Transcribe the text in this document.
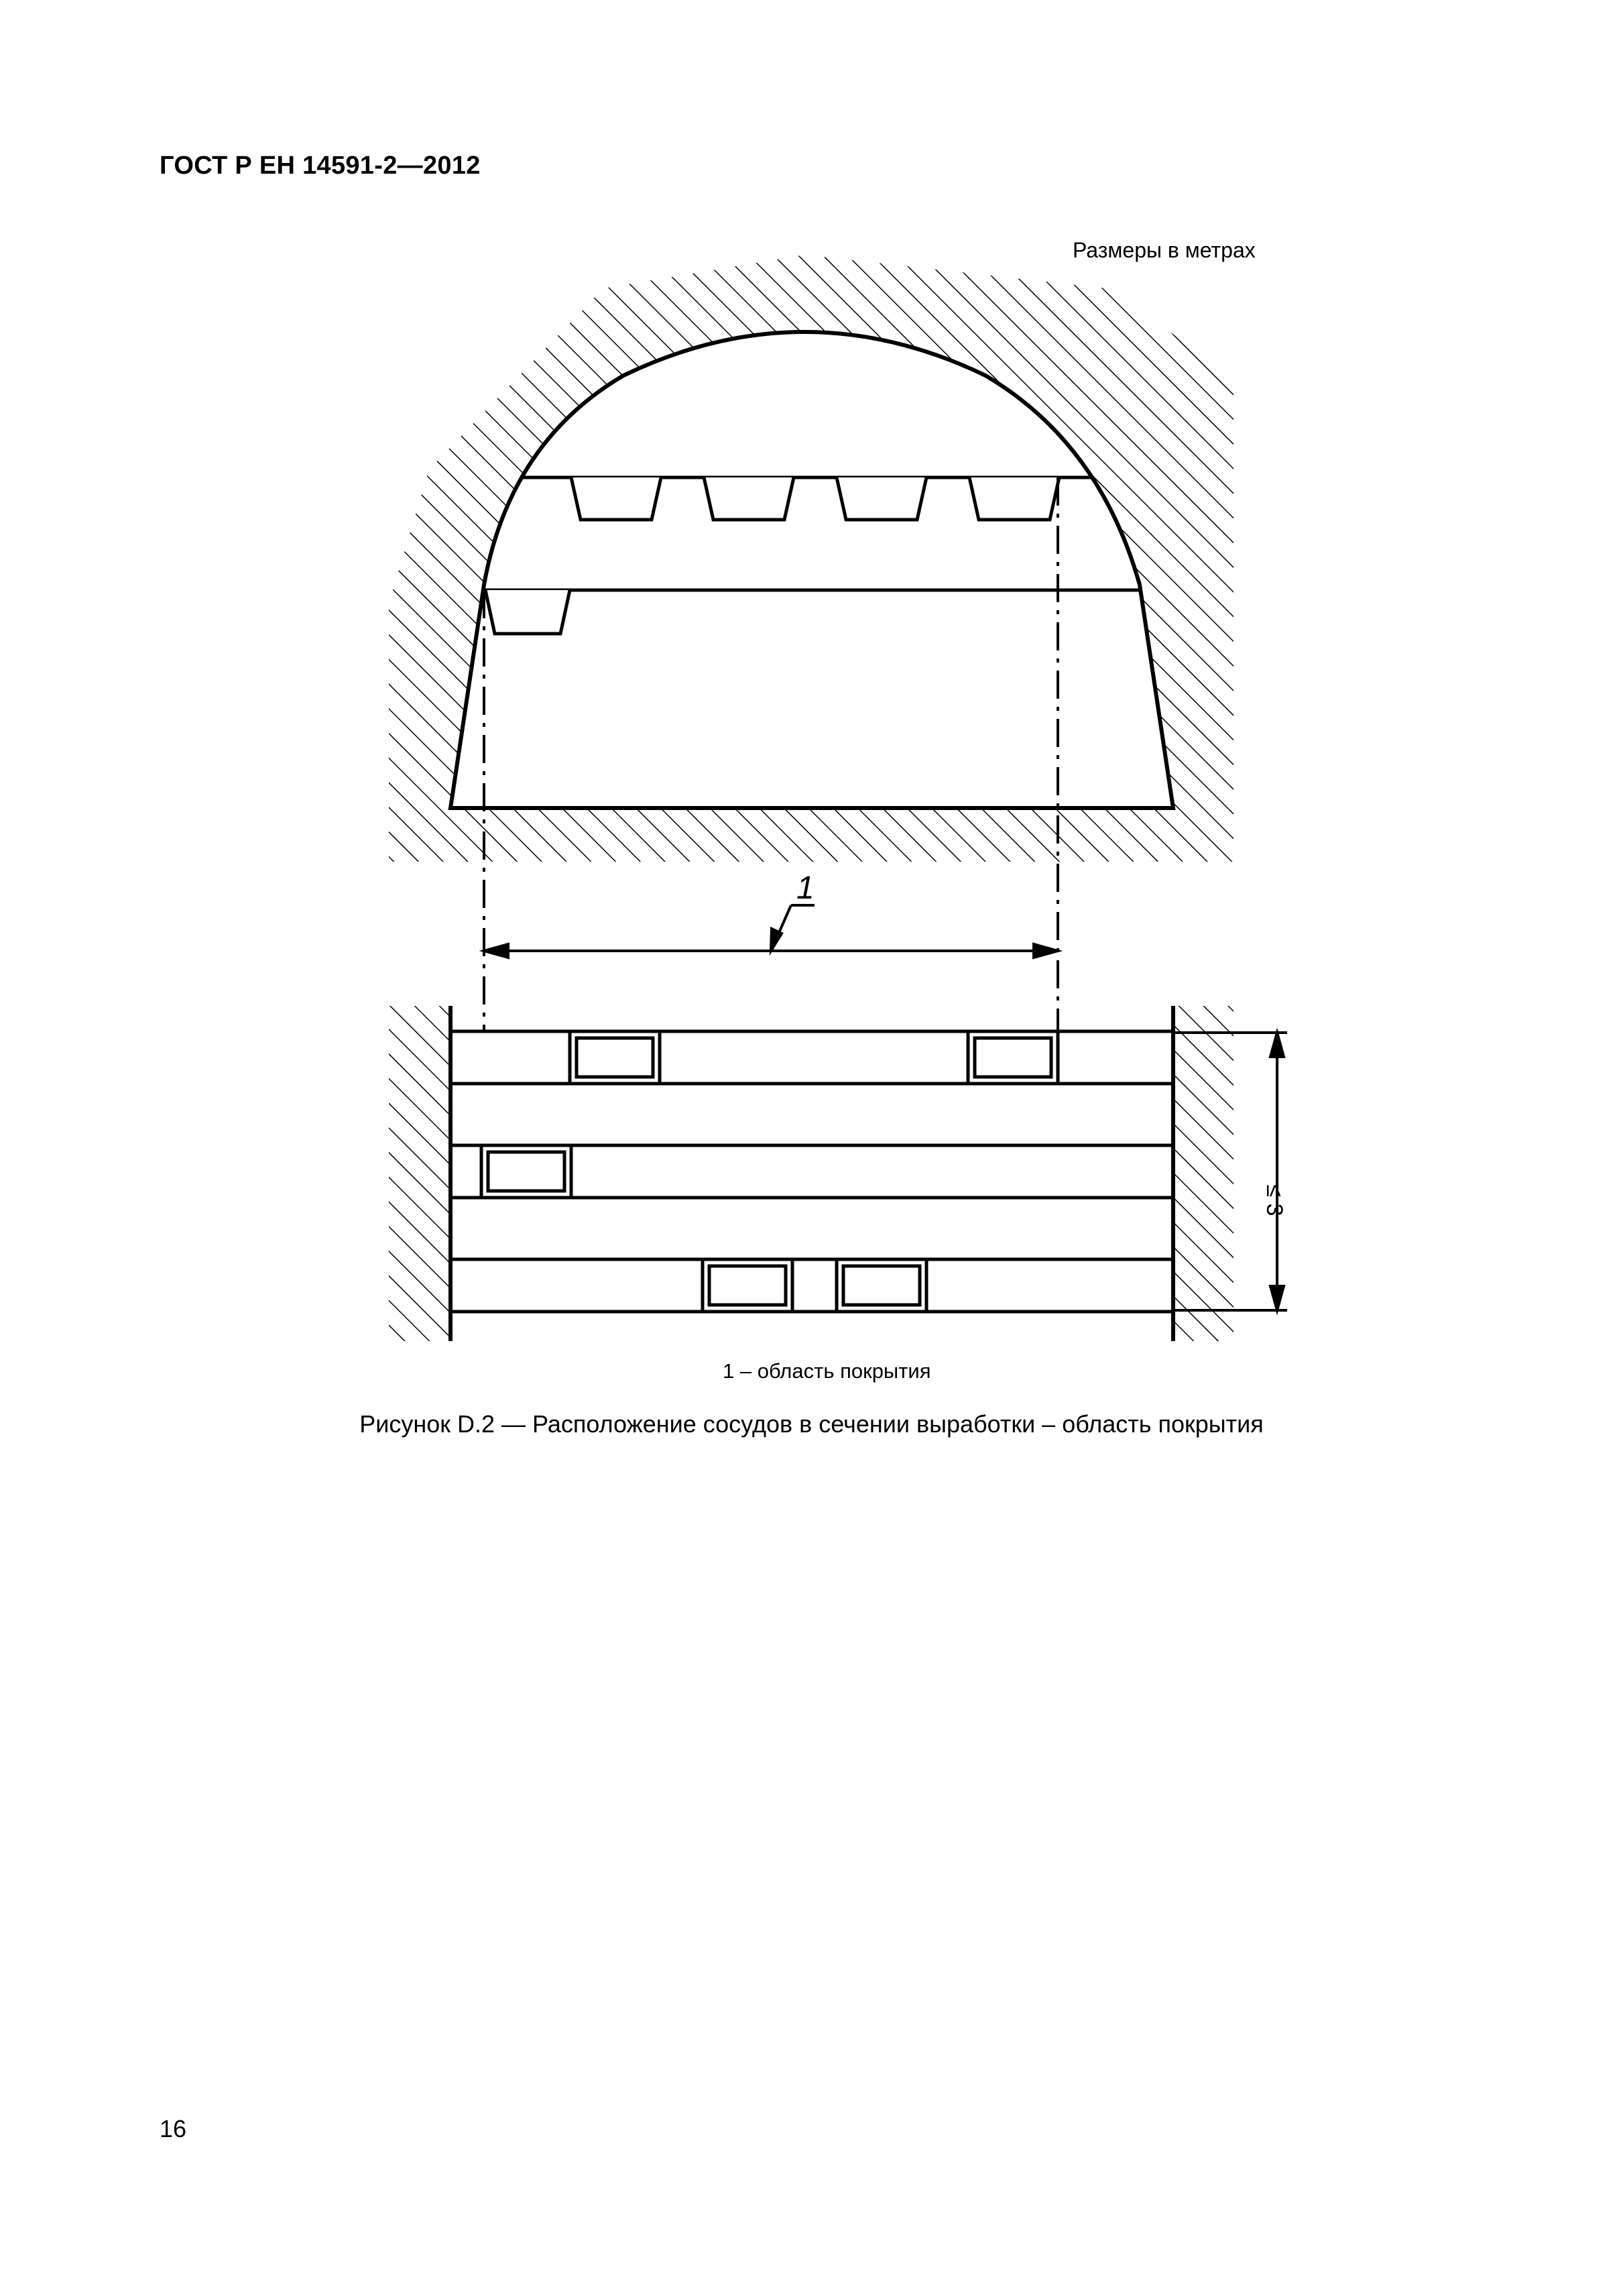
ГОСТ Р ЕН 14591-2—2012
Размеры в метрах
1
≤ 3
1 – область покрытия
Рисунок D.2 — Расположение сосудов в сечении выработки – область покрытия
16
